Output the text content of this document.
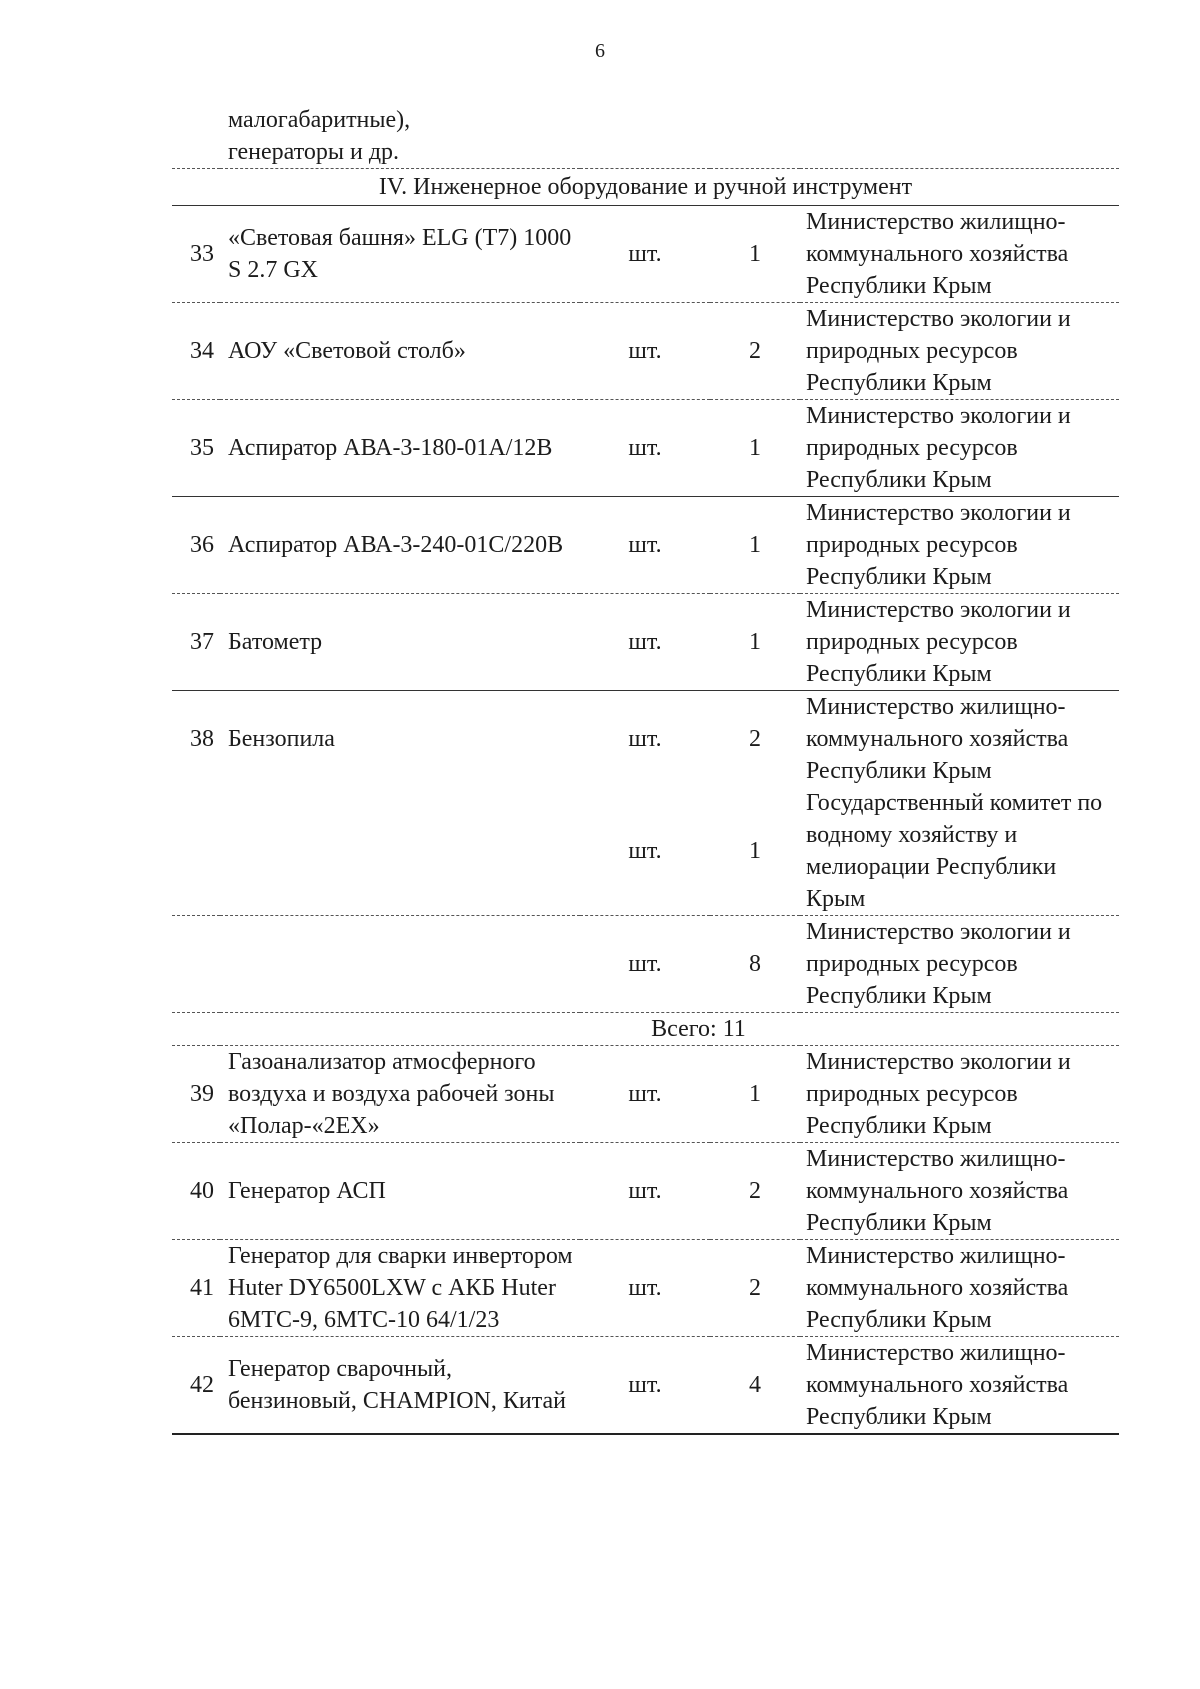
6
	малогабаритные),			
	генераторы и др.			
IV. Инженерное оборудование и ручной инструмент				
33	«Световая башня» ELG (Т7) 1000 S 2.7 GX	шт.	1	Министерство жилищно-коммунального хозяйства Республики Крым
34	АОУ «Световой столб»	шт.	2	Министерство экологии и природных ресурсов Республики Крым
35	Аспиратор АВА-3-180-01А/12В	шт.	1	Министерство экологии и природных ресурсов Республики Крым
36	Аспиратор АВА-3-240-01С/220В	шт.	1	Министерство экологии и природных ресурсов Республики Крым
37	Батометр	шт.	1	Министерство экологии и природных ресурсов Республики Крым
38	Бензопила	шт.	2	Министерство жилищно-коммунального хозяйства Республики Крым
		шт.	1	Государственный комитет по водному хозяйству и мелиорации Республики Крым
		шт.	8	Министерство экологии и природных ресурсов Республики Крым
Всего: 11				
39	Газоанализатор атмосферного воздуха и воздуха рабочей зоны «Полар-«2ЕХ»	шт.	1	Министерство экологии и природных ресурсов Республики Крым
40	Генератор АСП	шт.	2	Министерство жилищно-коммунального хозяйства Республики Крым
41	Генератор для сварки инвертором Huter DY6500LXW с АКБ Huter 6МТС-9, 6МТС-10 64/1/23	шт.	2	Министерство жилищно-коммунального хозяйства Республики Крым
42	Генератор сварочный, бензиновый, CHAMPION, Китай	шт.	4	Министерство жилищно-коммунального хозяйства Республики Крым
